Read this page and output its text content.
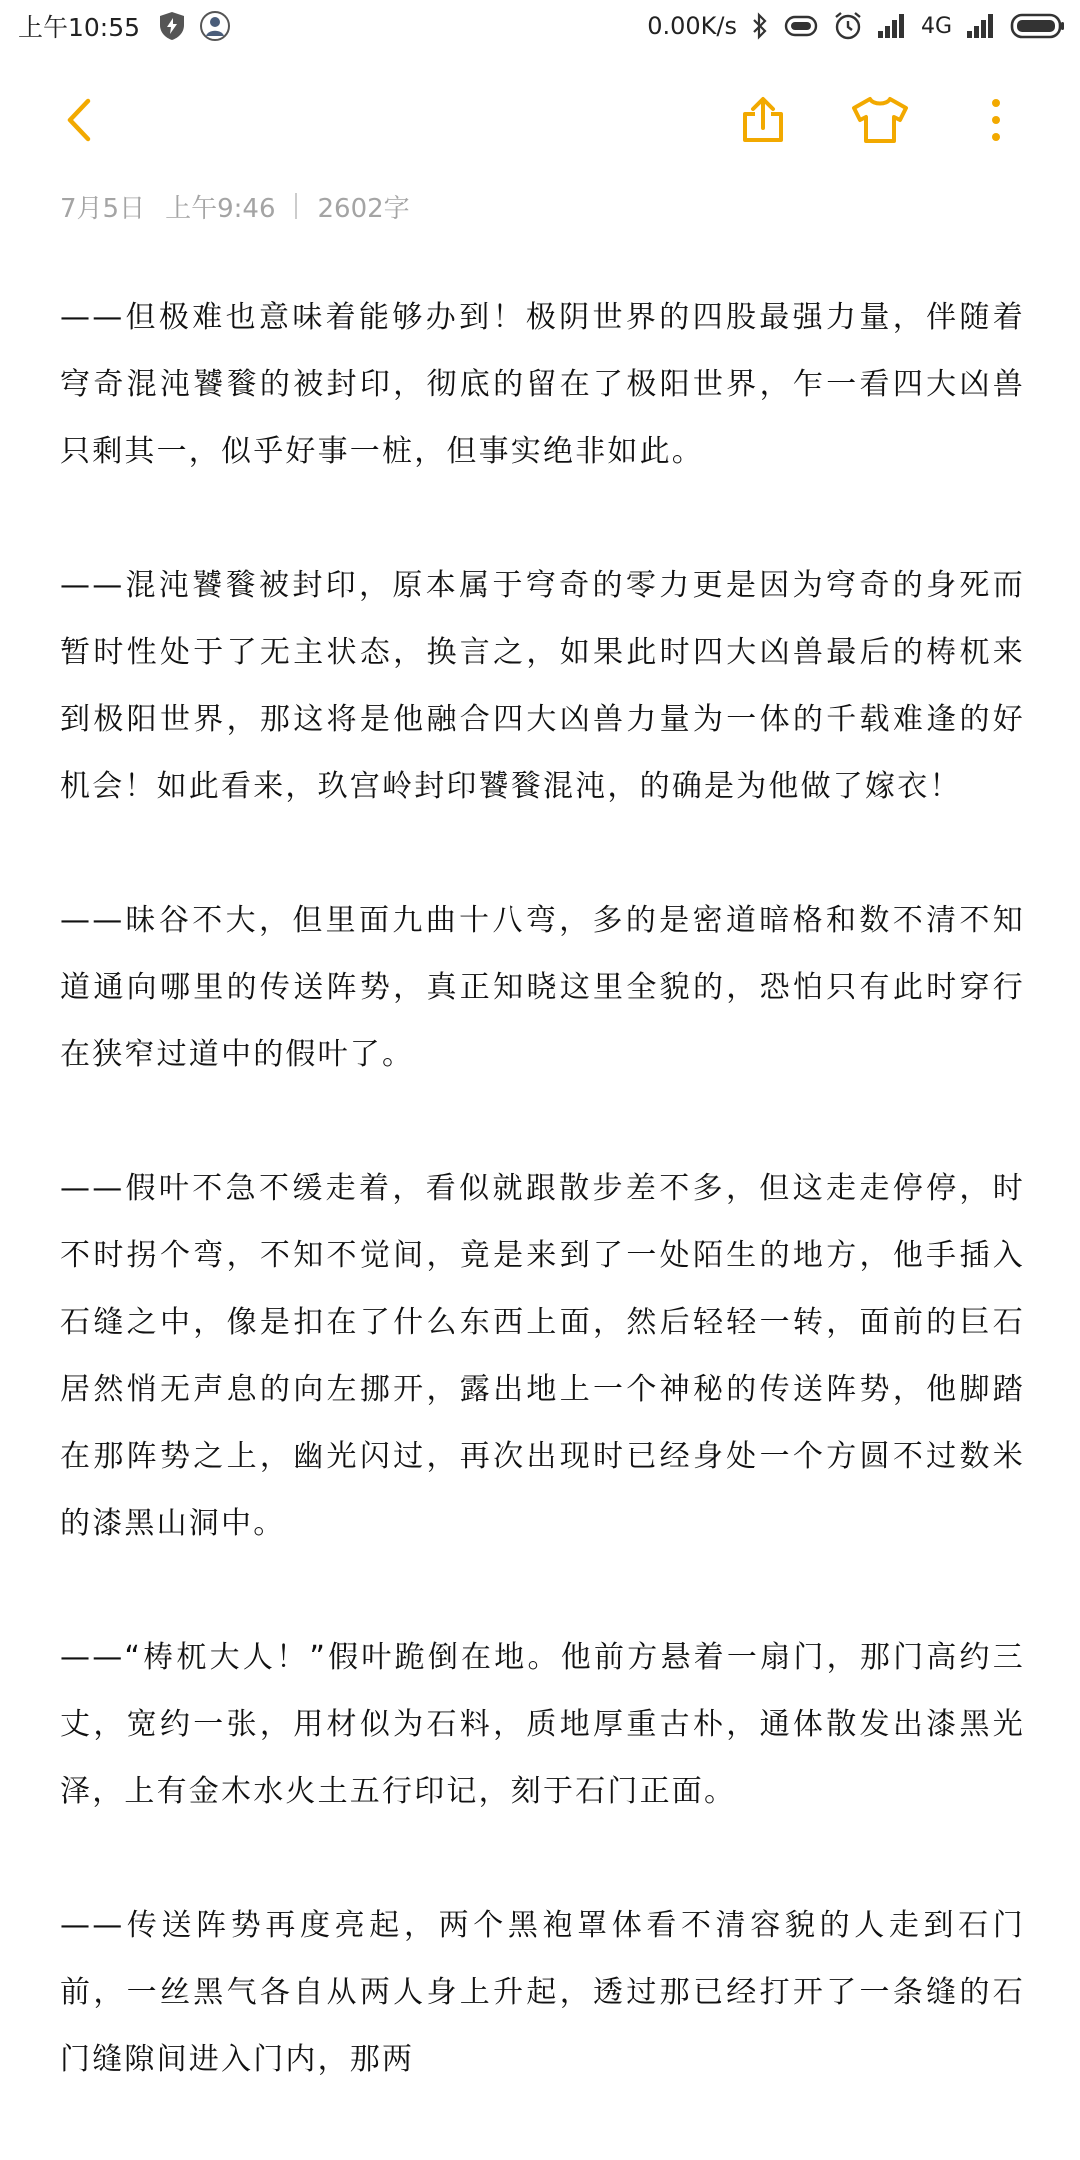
上午10:55	0.00K/s	4G
7月5日 上午9:46 2602字

——但极难也意味着能够办到！极阴世界的四股最强力量，伴随着穹奇混沌饕餮的被封印，彻底的留在了极阳世界，乍一看四大凶兽只剩其一，似乎好事一桩，但事实绝非如此。

——混沌饕餮被封印，原本属于穹奇的零力更是因为穹奇的身死而暂时性处于了无主状态，换言之，如果此时四大凶兽最后的梼杌来到极阳世界，那这将是他融合四大凶兽力量为一体的千载难逢的好机会！如此看来，玖宫岭封印饕餮混沌，的确是为他做了嫁衣！

——昧谷不大，但里面九曲十八弯，多的是密道暗格和数不清不知道通向哪里的传送阵势，真正知晓这里全貌的，恐怕只有此时穿行在狭窄过道中的假叶了。

——假叶不急不缓走着，看似就跟散步差不多，但这走走停停，时不时拐个弯，不知不觉间，竟是来到了一处陌生的地方，他手插入石缝之中，像是扣在了什么东西上面，然后轻轻一转，面前的巨石居然悄无声息的向左挪开，露出地上一个神秘的传送阵势，他脚踏在那阵势之上，幽光闪过，再次出现时已经身处一个方圆不过数米的漆黑山洞中。

——“梼杌大人！”假叶跪倒在地。他前方悬着一扇门，那门高约三丈，宽约一张，用材似为石料，质地厚重古朴，通体散发出漆黑光泽，上有金木水火土五行印记，刻于石门正面。

——传送阵势再度亮起，两个黑袍罩体看不清容貌的人走到石门前，一丝黑气各自从两人身上升起，透过那已经打开了一条缝的石门缝隙间进入门内，那两
